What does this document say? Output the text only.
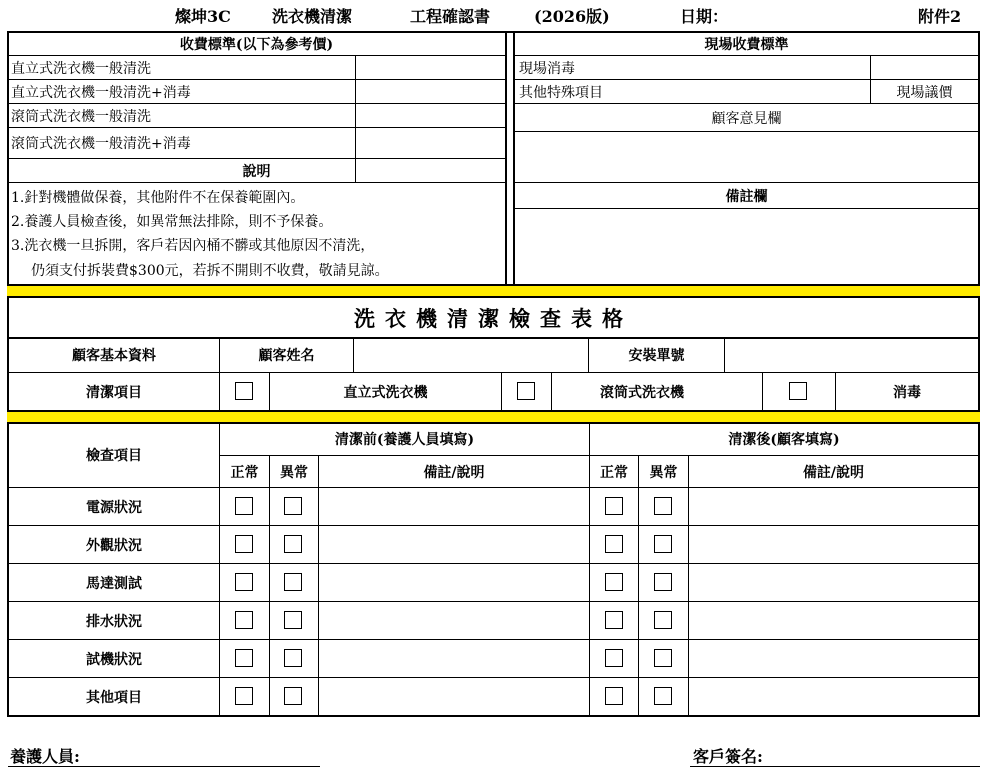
燦坤3C	洗衣機清潔	工程確認書	(2026版)	日期：	附件2
收費標準(以下為參考價)
直立式洗衣機一般清洗
直立式洗衣機一般清洗+消毒
滾筒式洗衣機一般清洗
滾筒式洗衣機一般清洗+消毒
說明
1.針對機體做保養，其他附件不在保養範圍內。
2.養護人員檢查後，如異常無法排除，則不予保養。
3.洗衣機一旦拆開，客戶若因內桶不髒或其他原因不清洗，
仍須支付拆裝費$300元，若拆不開則不收費，敬請見諒。
現場收費標準
現場消毒
其他特殊項目	現場議價
顧客意見欄
備註欄
洗衣機清潔檢查表格
顧客基本資料	顧客姓名	安裝單號
清潔項目	直立式洗衣機	滾筒式洗衣機	消毒
檢查項目
清潔前(養護人員填寫)	清潔後(顧客填寫)
正常	異常	備註/說明	正常	異常	備註/說明
電源狀況
外觀狀況
馬達測試
排水狀況
試機狀況
其他項目
養護人員:	客戶簽名:
